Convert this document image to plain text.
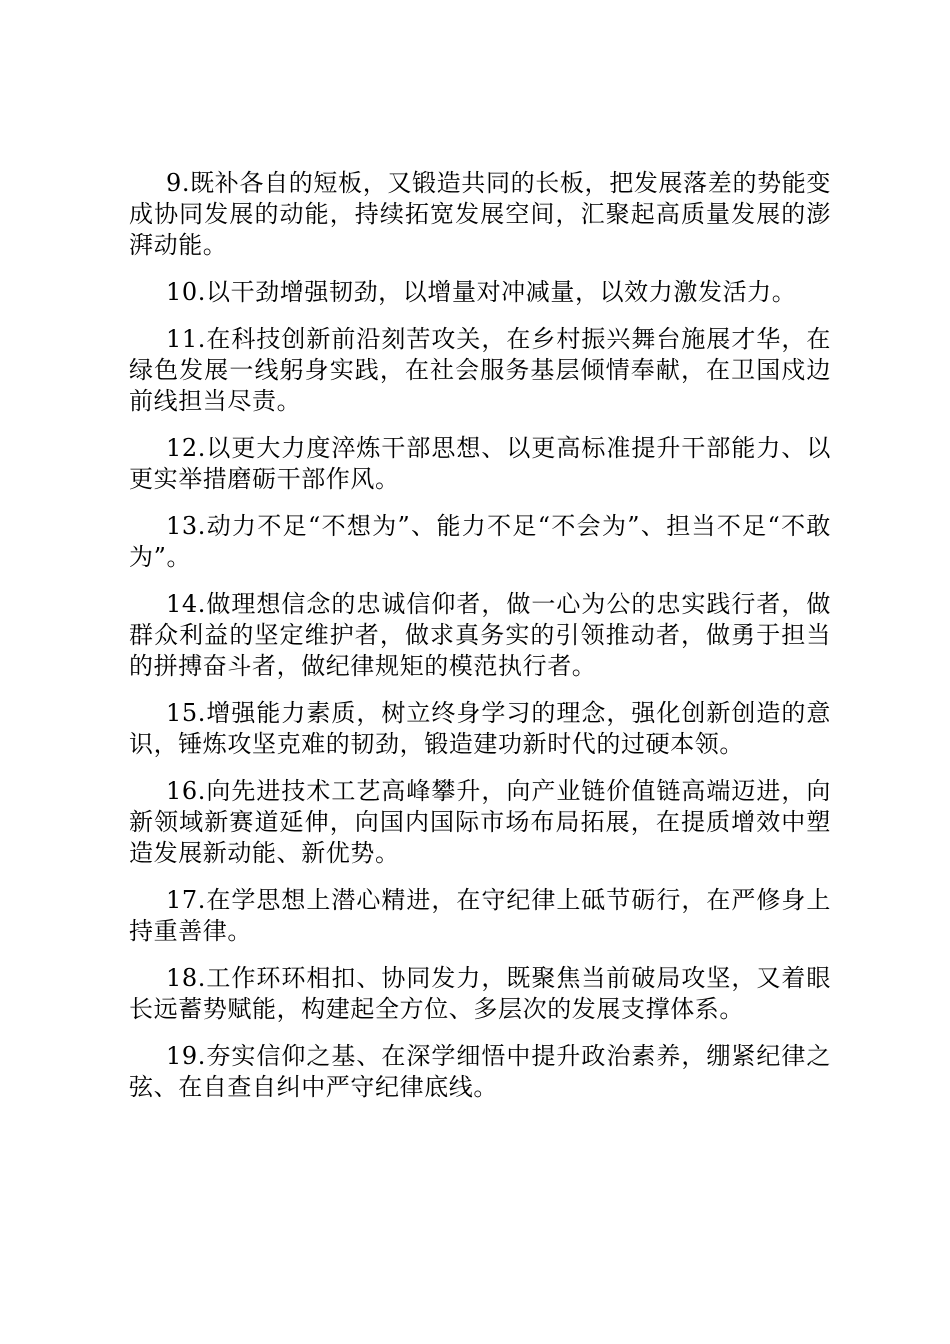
9.既补各自的短板，又锻造共同的长板，把发展落差的势能变成协同发展的动能，持续拓宽发展空间，汇聚起高质量发展的澎湃动能。

10.以干劲增强韧劲，以增量对冲减量，以效力激发活力。

11.在科技创新前沿刻苦攻关，在乡村振兴舞台施展才华，在绿色发展一线躬身实践，在社会服务基层倾情奉献，在卫国戍边前线担当尽责。

12.以更大力度淬炼干部思想、以更高标准提升干部能力、以更实举措磨砺干部作风。

13.动力不足“不想为”、能力不足“不会为”、担当不足“不敢为”。

14.做理想信念的忠诚信仰者，做一心为公的忠实践行者，做群众利益的坚定维护者，做求真务实的引领推动者，做勇于担当的拼搏奋斗者，做纪律规矩的模范执行者。

15.增强能力素质，树立终身学习的理念，强化创新创造的意识，锤炼攻坚克难的韧劲，锻造建功新时代的过硬本领。

16.向先进技术工艺高峰攀升，向产业链价值链高端迈进，向新领域新赛道延伸，向国内国际市场布局拓展，在提质增效中塑造发展新动能、新优势。

17.在学思想上潜心精进，在守纪律上砥节砺行，在严修身上持重善律。

18.工作环环相扣、协同发力，既聚焦当前破局攻坚，又着眼长远蓄势赋能，构建起全方位、多层次的发展支撑体系。

19.夯实信仰之基、在深学细悟中提升政治素养，绷紧纪律之弦、在自查自纠中严守纪律底线。
